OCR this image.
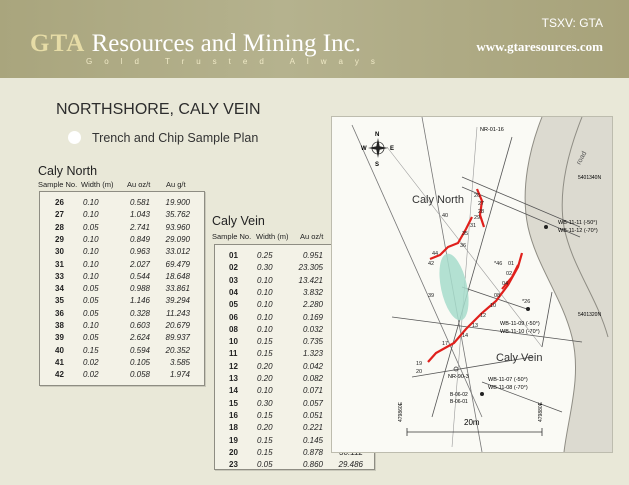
GTA Resources and Mining Inc.
Gold Trusted Always
TSXV: GTA
www.gtaresources.com
NORTHSHORE, CALY VEIN
Trench and Chip Sample Plan
Caly North
Sample No. Width (m) Au oz/t Au g/t
26 0.10	0.581	19.900
27 0.10	1.043	35.762
28 0.05	2.741	93.960
29 0.10	0.849	29.090
30 0.10	0.963	33.012
31 0.10	2.027	69.479
33 0.10	0.544	18.648
34 0.05	0.988	33.861
35 0.05	1.146	39.294
36 0.05	0.328	11.243
38 0.10	0.603	20.679
39 0.05	2.624	89.937
40 0.15	0.594	20.352
41 0.02	0.105	3.585
42 0.02	0.058	1.974
Caly Vein
Sample No. Width (m) Au oz/t
01 0.25	0.951
02 0.30	23.305
03 0.10	13.421
04 0.10	3.832
05 0.10	2.280
06 0.10	0.169
08 0.10	0.032
10 0.15	0.735
11 0.15	1.323
12 0.20	0.042
13 0.20	0.082
14 0.10	0.071
15 0.30	0.057
16 0.15	0.051
18 0.20	0.221
19 0.15	0.145
20 0.15	0.878
23 0.05	0.860	29.486
road
26
27
28
29
31
35
44
42
36
40
39
01
02
04
08
10
12
13
14
17
19
20
*26
*46
N
S
E
W
Caly North
Caly Vein
NR-01-16
WB-11-11 (-50°)
WB-11-12 (-70°)
WB-11-09 (-50°)
WB-11-10 (-70°)
WB-11-07 (-50°)
WB-11-08 (-70°)
NR-90-3
B-06-02
B-06-01
5401340N
5401320N
479860E	479880E
20m
